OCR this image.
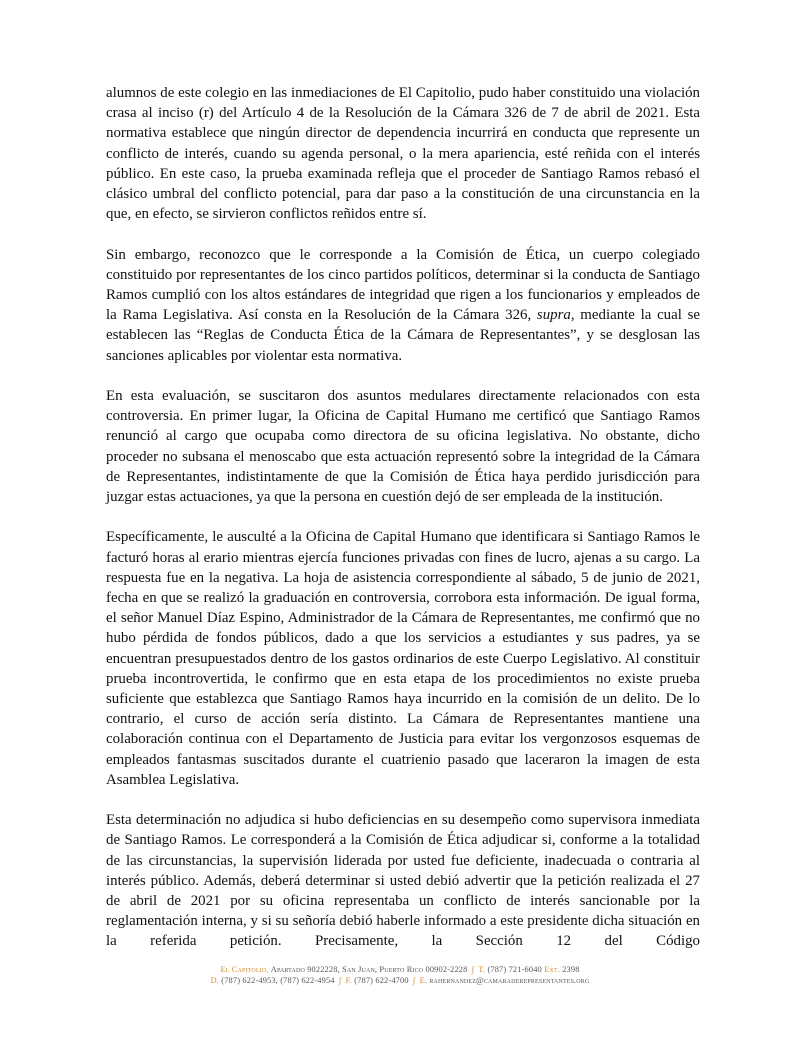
alumnos de este colegio en las inmediaciones de El Capitolio, pudo haber constituido una violación crasa al inciso (r) del Artículo 4 de la Resolución de la Cámara 326 de 7 de abril de 2021. Esta normativa establece que ningún director de dependencia incurrirá en conducta que represente un conflicto de interés, cuando su agenda personal, o la mera apariencia, esté reñida con el interés público. En este caso, la prueba examinada refleja que el proceder de Santiago Ramos rebasó el clásico umbral del conflicto potencial, para dar paso a la constitución de una circunstancia en la que, en efecto, se sirvieron conflictos reñidos entre sí.

Sin embargo, reconozco que le corresponde a la Comisión de Ética, un cuerpo colegiado constituido por representantes de los cinco partidos políticos, determinar si la conducta de Santiago Ramos cumplió con los altos estándares de integridad que rigen a los funcionarios y empleados de la Rama Legislativa. Así consta en la Resolución de la Cámara 326, supra, mediante la cual se establecen las “Reglas de Conducta Ética de la Cámara de Representantes”, y se desglosan las sanciones aplicables por violentar esta normativa.

En esta evaluación, se suscitaron dos asuntos medulares directamente relacionados con esta controversia. En primer lugar, la Oficina de Capital Humano me certificó que Santiago Ramos renunció al cargo que ocupaba como directora de su oficina legislativa. No obstante, dicho proceder no subsana el menoscabo que esta actuación representó sobre la integridad de la Cámara de Representantes, indistintamente de que la Comisión de Ética haya perdido jurisdicción para juzgar estas actuaciones, ya que la persona en cuestión dejó de ser empleada de la institución.

Específicamente, le ausculté a la Oficina de Capital Humano que identificara si Santiago Ramos le facturó horas al erario mientras ejercía funciones privadas con fines de lucro, ajenas a su cargo. La respuesta fue en la negativa. La hoja de asistencia correspondiente al sábado, 5 de junio de 2021, fecha en que se realizó la graduación en controversia, corrobora esta información. De igual forma, el señor Manuel Díaz Espino, Administrador de la Cámara de Representantes, me confirmó que no hubo pérdida de fondos públicos, dado a que los servicios a estudiantes y sus padres, ya se encuentran presupuestados dentro de los gastos ordinarios de este Cuerpo Legislativo. Al constituir prueba incontrovertida, le confirmo que en esta etapa de los procedimientos no existe prueba suficiente que establezca que Santiago Ramos haya incurrido en la comisión de un delito. De lo contrario, el curso de acción sería distinto. La Cámara de Representantes mantiene una colaboración continua con el Departamento de Justicia para evitar los vergonzosos esquemas de empleados fantasmas suscitados durante el cuatrienio pasado que laceraron la imagen de esta Asamblea Legislativa.

Esta determinación no adjudica si hubo deficiencias en su desempeño como supervisora inmediata de Santiago Ramos. Le corresponderá a la Comisión de Ética adjudicar si, conforme a la totalidad de las circunstancias, la supervisión liderada por usted fue deficiente, inadecuada o contraria al interés público. Además, deberá determinar si usted debió advertir que la petición realizada el 27 de abril de 2021 por su oficina representaba un conflicto de interés sancionable por la reglamentación interna, y si su señoría debió haberle informado a este presidente dicha situación en la referida petición. Precisamente, la Sección 12 del Código

El Capitolio, Apartado 9022228, San Juan, Puerto Rico 00902-2228 ∫ T. (787) 721-6040 Ext. 2398
D. (787) 622-4953, (787) 622-4954 ∫ F. (787) 622-4700 ∫ E. rahernandez@camaraderepresentantes.org
